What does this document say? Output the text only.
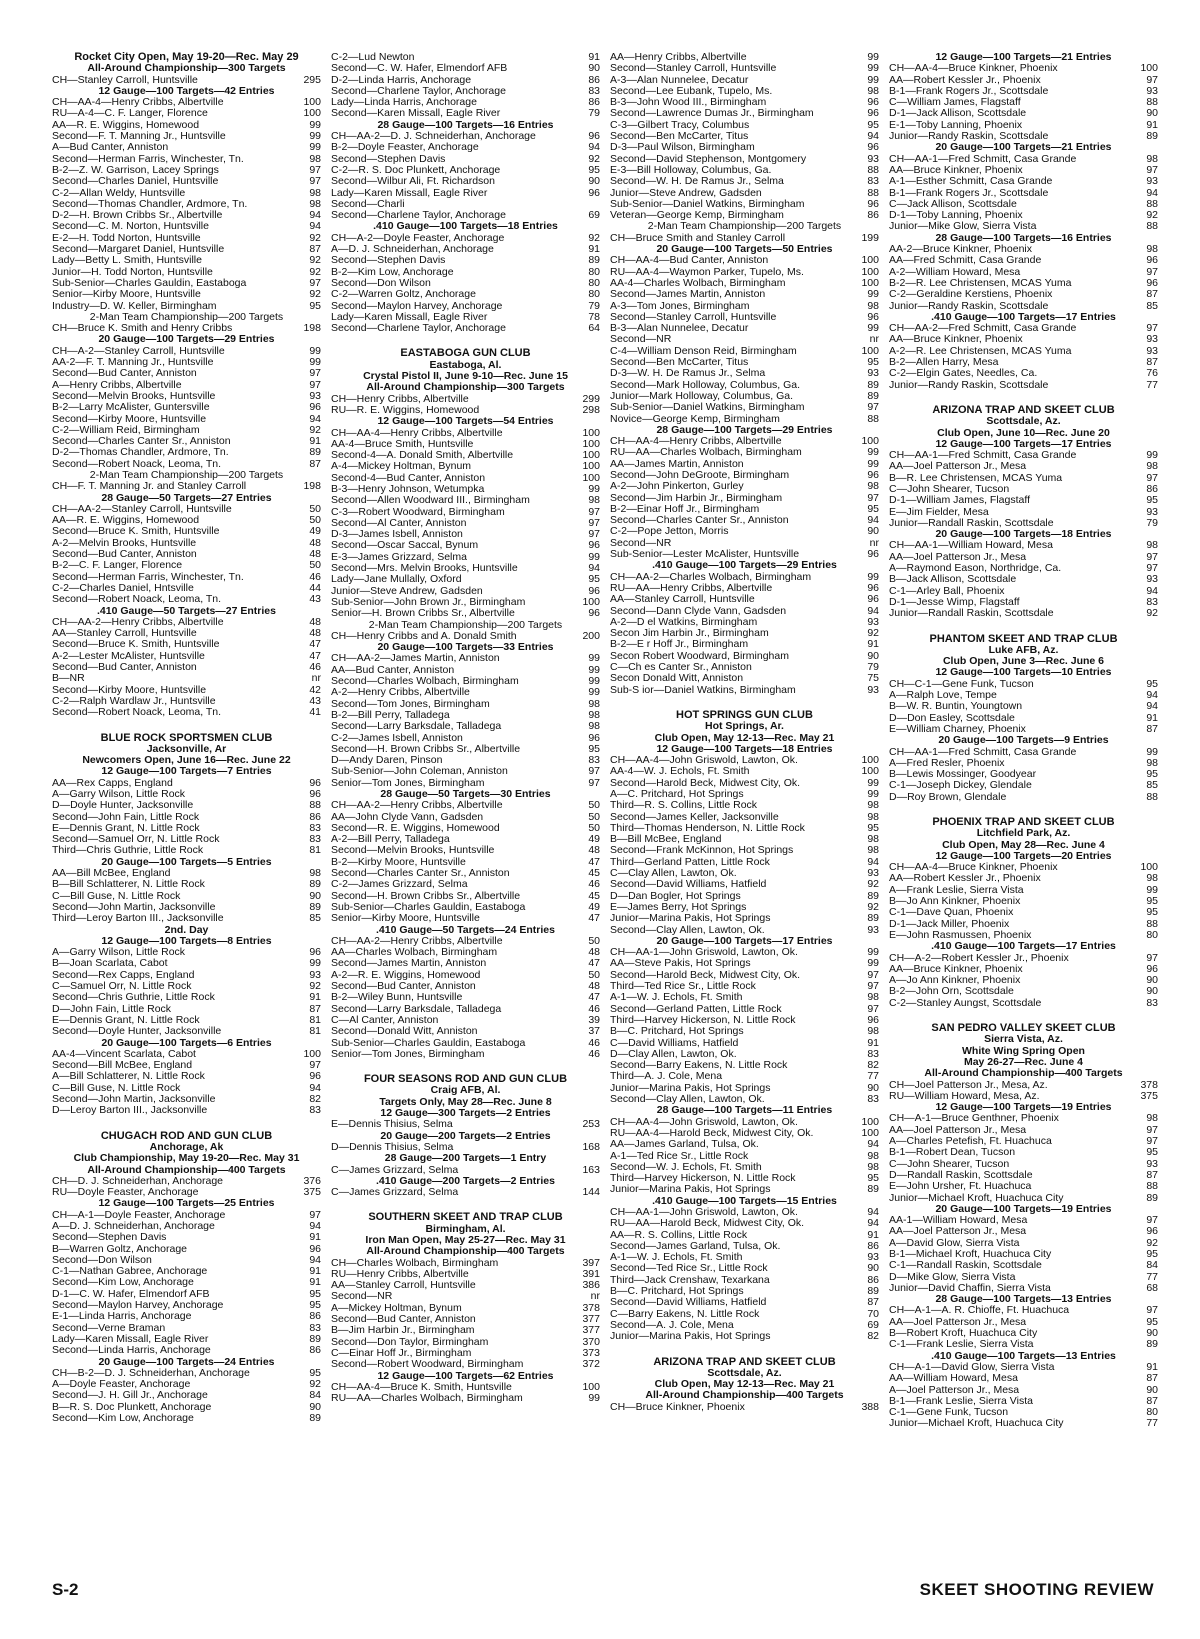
Rocket City Open, May 19-20—Rec. May 29
All-Around Championship—300 Targets
CH—Stanley Carroll, Huntsville	295
12 Gauge—100 Targets—42 Entries
CH—AA-4—Henry Cribbs, Albertville	100
RU—A-4—C. F. Langer, Florence	100
AA—R. E. Wiggins, Homewood	99
Second—F. T. Manning Jr., Huntsville	99
A—Bud Canter, Anniston	99
Second—Herman Farris, Winchester, Tn.	98
B-2—Z. W. Garrison, Lacey Springs	97
Second—Charles Daniel, Huntsville	97
C-2—Allan Weldy, Huntsville	98
Second—Thomas Chandler, Ardmore, Tn.	98
D-2—H. Brown Cribbs Sr., Albertville	94
Second—C. M. Norton, Huntsville	94
E-2—H. Todd Norton, Huntsville	92
Second—Margaret Daniel, Huntsville	87
Lady—Betty L. Smith, Huntsville	92
Junior—H. Todd Norton, Huntsville	92
Sub-Senior—Charles Gauldin, Eastaboga	97
Senior—Kirby Moore, Huntsville	92
Industry—D. W. Keller, Birmingham	95
2-Man Team Championship—200 Targets
CH—Bruce K. Smith and Henry Cribbs	198
20 Gauge—100 Targets—29 Entries
CH—A-2—Stanley Carroll, Huntsville	99
AA-2—F. T. Manning Jr., Huntsville	99
Second—Bud Canter, Anniston	97
A—Henry Cribbs, Albertville	97
Second—Melvin Brooks, Huntsville	93
B-2—Larry McAlister, Guntersville	96
Second—Kirby Moore, Huntsville	94
C-2—William Reid, Birmingham	92
Second—Charles Canter Sr., Anniston	91
D-2—Thomas Chandler, Ardmore, Tn.	89
Second—Robert Noack, Leoma, Tn.	87
2-Man Team Championship—200 Targets
CH—F. T. Manning Jr. and Stanley Carroll	198
28 Gauge—50 Targets—27 Entries
CH—AA-2—Stanley Carroll, Huntsville	50
AA—R. E. Wiggins, Homewood	50
Second—Bruce K. Smith, Huntsville	49
A-2—Melvin Brooks, Huntsville	48
Second—Bud Canter, Anniston	48
B-2—C. F. Langer, Florence	50
Second—Herman Farris, Winchester, Tn.	46
C-2—Charles Daniel, Hntsville	44
Second—Robert Noack, Leoma, Tn.	43
.410 Gauge—50 Targets—27 Entries
CH—AA-2—Henry Cribbs, Albertville	48
AA—Stanley Carroll, Huntsville	48
Second—Bruce K. Smith, Huntsville	47
A-2—Lester McAlister, Huntsville	47
Second—Bud Canter, Anniston	46
B—NR	nr
Second—Kirby Moore, Huntsville	42
C-2—Ralph Wardlaw Jr., Huntsville	43
Second—Robert Noack, Leoma, Tn.	41
BLUE ROCK SPORTSMEN CLUB
Jacksonville, Ar
Newcomers Open, June 16—Rec. June 22
12 Gauge—100 Targets—7 Entries
AA—Rex Capps, England	96
A—Garry Wilson, Little Rock	96
D—Doyle Hunter, Jacksonville	88
Second—John Fain, Little Rock	86
E—Dennis Grant, N. Little Rock	83
Second—Samuel Orr, N. Little Rock	83
Third—Chris Guthrie, Little Rock	81
20 Gauge—100 Targets—5 Entries
AA—Bill McBee, England	98
B—Bill Schlatterer, N. Little Rock	89
C—Bill Guse, N. Little Rock	90
Second—John Martin, Jacksonville	89
Third—Leroy Barton III., Jacksonville	85
2nd. Day
12 Gauge—100 Targets—8 Entries
A—Garry Wilson, Little Rock	96
B—Joan Scarlata, Cabot	99
Second—Rex Capps, England	93
C—Samuel Orr, N. Little Rock	92
Second—Chris Guthrie, Little Rock	91
D—John Fain, Little Rock	87
E—Dennis Grant, N. Little Rock	81
Second—Doyle Hunter, Jacksonville	81
20 Gauge—100 Targets—6 Entries
AA-4—Vincent Scarlata, Cabot	100
Second—Bill McBee, England	97
A—Bill Schlatterer, N. Little Rock	96
C—Bill Guse, N. Little Rock	94
Second—John Martin, Jacksonville	82
D—Leroy Barton III., Jacksonville	83
CHUGACH ROD AND GUN CLUB
Anchorage, Ak
Club Championship, May 19-20—Rec. May 31
All-Around Championship—400 Targets
CH—D. J. Schneiderhan, Anchorage	376
RU—Doyle Feaster, Anchorage	375
12 Gauge—100 Targets—25 Entries
CH—A-1—Doyle Feaster, Anchorage	97
A—D. J. Schneiderhan, Anchorage	94
Second—Stephen Davis	91
B—Warren Goltz, Anchorage	96
Second—Don Wilson	94
C-1—Nathan Gabree, Anchorage	91
Second—Kim Low, Anchorage	91
D-1—C. W. Hafer, Elmendorf AFB	95
Second—Maylon Harvey, Anchorage	95
E-1—Linda Harris, Anchorage	86
Second—Verne Braman	83
Lady—Karen Missall, Eagle River	89
Second—Linda Harris, Anchorage	86
20 Gauge—100 Targets—24 Entries
CH—B-2—D. J. Schneiderhan, Anchorage	95
A—Doyle Feaster, Anchorage	92
Second—J. H. Gill Jr., Anchorage	84
B—R. S. Doc Plunkett, Anchorage	90
Second—Kim Low, Anchorage	89
C-2—Lud Newton	91
Second—C. W. Hafer, Elmendorf AFB	90
D-2—Linda Harris, Anchorage	86
Second—Charlene Taylor, Anchorage	83
Lady—Linda Harris, Anchorage	86
Second—Karen Missall, Eagle River	79
28 Gauge—100 Targets—16 Entries
CH—AA-2—D. J. Schneiderhan, Anchorage	96
B-2—Doyle Feaster, Anchorage	94
Second—Stephen Davis	92
C-2—R. S. Doc Plunkett, Anchorage	95
Second—Wilbur Ali, Ft. Richardson	90
Lady—Karen Missall, Eagle River	96
Second—Charli
Second—Charlene Taylor, Anchorage	69
.410 Gauge—100 Targets—18 Entries
CH—A-2—Doyle Feaster, Anchorage	92
A—D. J. Schneiderhan, Anchorage	91
Second—Stephen Davis	89
B-2—Kim Low, Anchorage	80
Second—Don Wilson	80
C-2—Warren Goltz, Anchorage	80
Second—Maylon Harvey, Anchorage	79
Lady—Karen Missall, Eagle River	78
Second—Charlene Taylor, Anchorage	64
EASTABOGA GUN CLUB
Eastaboga, Al.
Crystal Pistol II, June 9-10—Rec. June 15
All-Around Championship—300 Targets
CH—Henry Cribbs, Albertville	299
RU—R. E. Wiggins, Homewood	298
12 Gauge—100 Targets—54 Entries
CH—AA-4—Henry Cribbs, Albertville	100
AA-4—Bruce Smith, Huntsville	100
Second-4—A. Donald Smith, Albertville	100
A-4—Mickey Holtman, Bynum	100
Second-4—Bud Canter, Anniston	100
B-3—Henry Johnson, Wetumpka	99
Second—Allen Woodward III., Birmingham	98
C-3—Robert Woodward, Birmingham	97
Second—Al Canter, Anniston	97
D-3—James Isbell, Anniston	97
Second—Oscar Saccal, Bynum	96
E-3—James Grizzard, Selma	99
Second—Mrs. Melvin Brooks, Huntsville	94
Lady—Jane Mullally, Oxford	95
Junior—Steve Andrew, Gadsden	96
Sub-Senior—John Brown Jr., Birmingham	100
Senior—H. Brown Cribbs Sr., Albertville	96
2-Man Team Championship—200 Targets
CH—Henry Cribbs and A. Donald Smith	200
20 Gauge—100 Targets—33 Entries
CH—AA-2—James Martin, Anniston	99
AA—Bud Canter, Anniston	99
Second—Charles Wolbach, Birmingham	99
A-2—Henry Cribbs, Albertville	99
Second—Tom Jones, Birmingham	98
B-2—Bill Perry, Talladega	98
Second—Larry Barksdale, Talladega	98
C-2—James Isbell, Anniston	96
Second—H. Brown Cribbs Sr., Albertville	95
D—Andy Daren, Pinson	83
Sub-Senior—John Coleman, Anniston	97
Senior—Tom Jones, Birmingham	97
28 Gauge—50 Targets—30 Entries
CH—AA-2—Henry Cribbs, Albertville	50
AA—John Clyde Vann, Gadsden	50
Second—R. E. Wiggins, Homewood	50
A-2—Bill Perry, Talladega	49
Second—Melvin Brooks, Huntsville	48
B-2—Kirby Moore, Huntsville	47
Second—Charles Canter Sr., Anniston	45
C-2—James Grizzard, Selma	46
Second—H. Brown Cribbs Sr., Albertville	45
Sub-Senior—Charles Gauldin, Eastaboga	49
Senior—Kirby Moore, Huntsville	47
.410 Gauge—50 Targets—24 Entries
CH—AA-2—Henry Cribbs, Albertville	50
AA—Charles Wolbach, Birmingham	48
Second—James Martin, Anniston	47
A-2—R. E. Wiggins, Homewood	50
Second—Bud Canter, Anniston	48
B-2—Wiley Bunn, Huntsville	47
Second—Larry Barksdale, Talladega	46
C—Al Canter, Anniston	39
Second—Donald Witt, Anniston	37
Sub-Senior—Charles Gauldin, Eastaboga	46
Senior—Tom Jones, Birmingham	46
FOUR SEASONS ROD AND GUN CLUB
Craig AFB, Al.
Targets Only, May 28—Rec. June 8
12 Gauge—300 Targets—2 Entries
E—Dennis Thisius, Selma	253
20 Gauge—200 Targets—2 Entries
D—Dennis Thisius, Selma	168
28 Gauge—200 Targets—1 Entry
C—James Grizzard, Selma	163
.410 Gauge—200 Targets—2 Entries
C—James Grizzard, Selma	144
SOUTHERN SKEET AND TRAP CLUB
Birmingham, Al.
Iron Man Open, May 25-27—Rec. May 31
All-Around Championship—400 Targets
CH—Charles Wolbach, Birmingham	397
RU—Henry Cribbs, Albertville	391
AA—Stanley Carroll, Huntsville	386
Second—NR	nr
A—Mickey Holtman, Bynum	378
Second—Bud Canter, Anniston	377
B—Jim Harbin Jr., Birmingham	377
Second—Don Taylor, Birmingham	370
C—Einar Hoff Jr., Birmingham	373
Second—Robert Woodward, Birmingham	372
12 Gauge—100 Targets—62 Entries
CH—AA-4—Bruce K. Smith, Huntsville	100
RU—AA—Charles Wolbach, Birmingham	99
AA—Henry Cribbs, Albertville	99
Second—Stanley Carroll, Huntsville	99
A-3—Alan Nunnelee, Decatur	99
Second—Lee Eubank, Tupelo, Ms.	98
B-3—John Wood III., Birmingham	96
Second—Lawrence Dumas Jr., Birmingham	96
C-3—Gilbert Tracy, Columbus	95
Second—Ben McCarter, Titus	94
D-3—Paul Wilson, Birmingham	96
Second—David Stephenson, Montgomery	93
E-3—Bill Holloway, Columbus, Ga.	88
Second—W. H. De Ramus Jr., Selma	83
Junior—Steve Andrew, Gadsden	88
Sub-Senior—Daniel Watkins, Birmingham	96
Veteran—George Kemp, Birmingham	86
2-Man Team Championship—200 Targets
CH—Bruce Smith and Stanley Carroll	199
20 Gauge—100 Targets—50 Entries
CH—AA-4—Bud Canter, Anniston	100
RU—AA-4—Waymon Parker, Tupelo, Ms.	100
AA-4—Charles Wolbach, Birmingham	100
Second—James Martin, Anniston	99
A-3—Tom Jones, Birmingham	98
Second—Stanley Carroll, Huntsville	96
B-3—Alan Nunnelee, Decatur	99
Second—NR	nr
C-4—William Denson Reid, Birmingham	100
Second—Ben McCarter, Titus	95
D-3—W. H. De Ramus Jr., Selma	93
Second—Mark Holloway, Columbus, Ga.	89
Junior—Mark Holloway, Columbus, Ga.	89
Sub-Senior—Daniel Watkins, Birmingham	97
Novice—George Kemp, Birmingham	88
28 Gauge—100 Targets—29 Entries
CH—AA-4—Henry Cribbs, Albertville	100
RU—AA—Charles Wolbach, Birmingham	99
AA—James Martin, Anniston	99
Second—John DeGroote, Birmingham	96
A-2—John Pinkerton, Gurley	98
Second—Jim Harbin Jr., Birmingham	97
B-2—Einar Hoff Jr., Birmingham	95
Second—Charles Canter Sr., Anniston	94
C-2—Pope Jetton, Morris	90
Second—NR	nr
Sub-Senior—Lester McAlister, Huntsville	96
.410 Gauge—100 Targets—29 Entries
CH—AA-2—Charles Wolbach, Birmingham	99
RU—AA—Henry Cribbs, Albertville	96
AA—Stanley Carroll, Huntsville	96
Second—Dann Clyde Vann, Gadsden	94
A-2—D el Watkins, Birmingham	93
Secon Jim Harbin Jr., Birmingham	92
B-2—E r Hoff Jr., Birmingham	91
Secon Robert Woodward, Birmingham	90
C—Ch es Canter Sr., Anniston	79
Secon Donald Witt, Anniston	75
Sub-S ior—Daniel Watkins, Birmingham	93
HOT SPRINGS GUN CLUB
Hot Springs, Ar.
Club Open, May 12-13—Rec. May 21
12 Gauge—100 Targets—18 Entries
CH—AA-4—John Griswold, Lawton, Ok.	100
AA-4—W. J. Echols, Ft. Smith	100
Second—Harold Beck, Midwest City, Ok.	99
A—C. Pritchard, Hot Springs	99
Third—R. S. Collins, Little Rock	98
Second—James Keller, Jacksonville	98
Third—Thomas Henderson, N. Little Rock	95
B—Bill McBee, England	98
Second—Frank McKinnon, Hot Springs	98
Third—Gerland Patten, Little Rock	94
C—Clay Allen, Lawton, Ok.	93
Second—David Williams, Hatfield	92
D—Dan Bogler, Hot Springs	89
E—James Berry, Hot Springs	92
Junior—Marina Pakis, Hot Springs	89
Second—Clay Allen, Lawton, Ok.	93
20 Gauge—100 Targets—17 Entries
CH—AA-1—John Griswold, Lawton, Ok.	99
AA—Steve Pakis, Hot Springs	99
Second—Harold Beck, Midwest City, Ok.	97
Third—Ted Rice Sr., Little Rock	97
A-1—W. J. Echols, Ft. Smith	98
Second—Gerland Patten, Little Rock	97
Third—Harvey Hickerson, N. Little Rock	96
B—C. Pritchard, Hot Springs	98
C—David Williams, Hatfield	91
D—Clay Allen, Lawton, Ok.	83
Second—Barry Eakens, N. Little Rock	82
Third—A. J. Cole, Mena	77
Junior—Marina Pakis, Hot Springs	90
Second—Clay Allen, Lawton, Ok.	83
28 Gauge—100 Targets—11 Entries
CH—AA-4—John Griswold, Lawton, Ok.	100
RU—AA-4—Harold Beck, Midwest City, Ok.	100
AA—James Garland, Tulsa, Ok.	94
A-1—Ted Rice Sr., Little Rock	98
Second—W. J. Echols, Ft. Smith	98
Third—Harvey Hickerson, N. Little Rock	95
Junior—Marina Pakis, Hot Springs	89
.410 Gauge—100 Targets—15 Entries
CH—AA-1—John Griswold, Lawton, Ok.	94
RU—AA—Harold Beck, Midwest City, Ok.	94
AA—R. S. Collins, Little Rock	91
Second—James Garland, Tulsa, Ok.	86
A-1—W. J. Echols, Ft. Smith	93
Second—Ted Rice Sr., Little Rock	90
Third—Jack Crenshaw, Texarkana	86
B—C. Pritchard, Hot Springs	89
Second—David Williams, Hatfield	87
C—Barry Eakens, N. Little Rock	70
Second—A. J. Cole, Mena	69
Junior—Marina Pakis, Hot Springs	82
ARIZONA TRAP AND SKEET CLUB
Scottsdale, Az.
Club Open, May 12-13—Rec. May 21
All-Around Championship—400 Targets
CH—Bruce Kinkner, Phoenix	388
12 Gauge—100 Targets—21 Entries
CH—AA-4—Bruce Kinkner, Phoenix	100
AA—Robert Kessler Jr., Phoenix	97
B-1—Frank Rogers Jr., Scottsdale	93
C—William James, Flagstaff	88
D-1—Jack Allison, Scottsdale	90
E-1—Toby Lanning, Phoenix	91
Junior—Randy Raskin, Scottsdale	89
20 Gauge—100 Targets—21 Entries
CH—AA-1—Fred Schmitt, Casa Grande	98
AA—Bruce Kinkner, Phoenix	97
A-1—Esther Schmitt, Casa Grande	93
B-1—Frank Rogers Jr., Scottsdale	94
C—Jack Allison, Scottsdale	88
D-1—Toby Lanning, Phoenix	92
Junior—Mike Glow, Sierra Vista	88
28 Gauge—100 Targets—16 Entries
AA-2—Bruce Kinkner, Phoenix	98
AA—Fred Schmitt, Casa Grande	96
A-2—William Howard, Mesa	97
B-2—R. Lee Christensen, MCAS Yuma	96
C-2—Geraldine Kerstiens, Phoenix	87
Junior—Randy Raskin, Scottsdale	85
.410 Gauge—100 Targets—17 Entries
CH—AA-2—Fred Schmitt, Casa Grande	97
AA—Bruce Kinkner, Phoenix	93
A-2—R. Lee Christensen, MCAS Yuma	93
B-2—Allen Harry, Mesa	87
C-2—Elgin Gates, Needles, Ca.	76
Junior—Randy Raskin, Scottsdale	77
ARIZONA TRAP AND SKEET CLUB
Scottsdale, Az.
Club Open, June 10—Rec. June 20
12 Gauge—100 Targets—17 Entries
CH—AA-1—Fred Schmitt, Casa Grande	99
AA—Joel Patterson Jr., Mesa	98
B—R. Lee Christensen, MCAS Yuma	97
C—John Shearer, Tucson	86
D-1—William James, Flagstaff	95
E—Jim Fielder, Mesa	93
Junior—Randall Raskin, Scottsdale	79
20 Gauge—100 Targets—18 Entries
CH—AA-1—William Howard, Mesa	98
AA—Joel Patterson Jr., Mesa	97
A—Raymond Eason, Northridge, Ca.	97
B—Jack Allison, Scottsdale	93
C-1—Arley Ball, Phoenix	94
D-1—Jesse Wimp, Flagstaff	83
Junior—Randall Raskin, Scottsdale	92
PHANTOM SKEET AND TRAP CLUB
Luke AFB, Az.
Club Open, June 3—Rec. June 6
12 Gauge—100 Targets—10 Entries
CH—C-1—Gene Funk, Tucson	95
A—Ralph Love, Tempe	94
B—W. R. Buntin, Youngtown	94
D—Don Easley, Scottsdale	91
E—William Charney, Phoenix	87
20 Gauge—100 Targets—9 Entries
CH—AA-1—Fred Schmitt, Casa Grande	99
A—Fred Resler, Phoenix	98
B—Lewis Mossinger, Goodyear	95
C-1—Joseph Dickey, Glendale	85
D—Roy Brown, Glendale	88
PHOENIX TRAP AND SKEET CLUB
Litchfield Park, Az.
Club Open, May 28—Rec. June 4
12 Gauge—100 Targets—20 Entries
CH—AA-4—Bruce Kinkner, Phoenix	100
AA—Robert Kessler Jr., Phoenix	98
A—Frank Leslie, Sierra Vista	99
B—Jo Ann Kinkner, Phoenix	95
C-1—Dave Quan, Phoenix	95
D-1—Jack Miller, Phoenix	88
E—John Rasmussen, Phoenix	80
.410 Gauge—100 Targets—17 Entries
CH—A-2—Robert Kessler Jr., Phoenix	97
AA—Bruce Kinkner, Phoenix	96
A—Jo Ann Kinkner, Phoenix	90
B-2—John Orn, Scottsdale	90
C-2—Stanley Aungst, Scottsdale	83
SAN PEDRO VALLEY SKEET CLUB
Sierra Vista, Az.
White Wing Spring Open
May 26-27—Rec. June 4
All-Around Championship—400 Targets
CH—Joel Patterson Jr., Mesa, Az.	378
RU—William Howard, Mesa, Az.	375
12 Gauge—100 Targets—19 Entries
CH—A-1—Bruce Genthner, Phoenix	98
AA—Joel Patterson Jr., Mesa	97
A—Charles Petefish, Ft. Huachuca	97
B-1—Robert Dean, Tucson	95
C—John Shearer, Tucson	93
D—Randall Raskin, Scottsdale	87
E—John Ursher, Ft. Huachuca	88
Junior—Michael Kroft, Huachuca City	89
20 Gauge—100 Targets—19 Entries
AA-1—William Howard, Mesa	97
AA—Joel Patterson Jr., Mesa	96
A—David Glow, Sierra Vista	92
B-1—Michael Kroft, Huachuca City	95
C-1—Randall Raskin, Scottsdale	84
D—Mike Glow, Sierra Vista	77
Junior—David Chaffin, Sierra Vista	68
28 Gauge—100 Targets—13 Entries
CH—A-1—A. R. Chioffe, Ft. Huachuca	97
AA—Joel Patterson Jr., Mesa	95
B—Robert Kroft, Huachuca City	90
C-1—Frank Leslie, Sierra Vista	89
.410 Gauge—100 Targets—13 Entries
CH—A-1—David Glow, Sierra Vista	91
AA—William Howard, Mesa	87
A—Joel Patterson Jr., Mesa	90
B-1—Frank Leslie, Sierra Vista	87
C-1—Gene Funk, Tucson	80
Junior—Michael Kroft, Huachuca City	77
S-2	SKEET SHOOTING REVIEW
